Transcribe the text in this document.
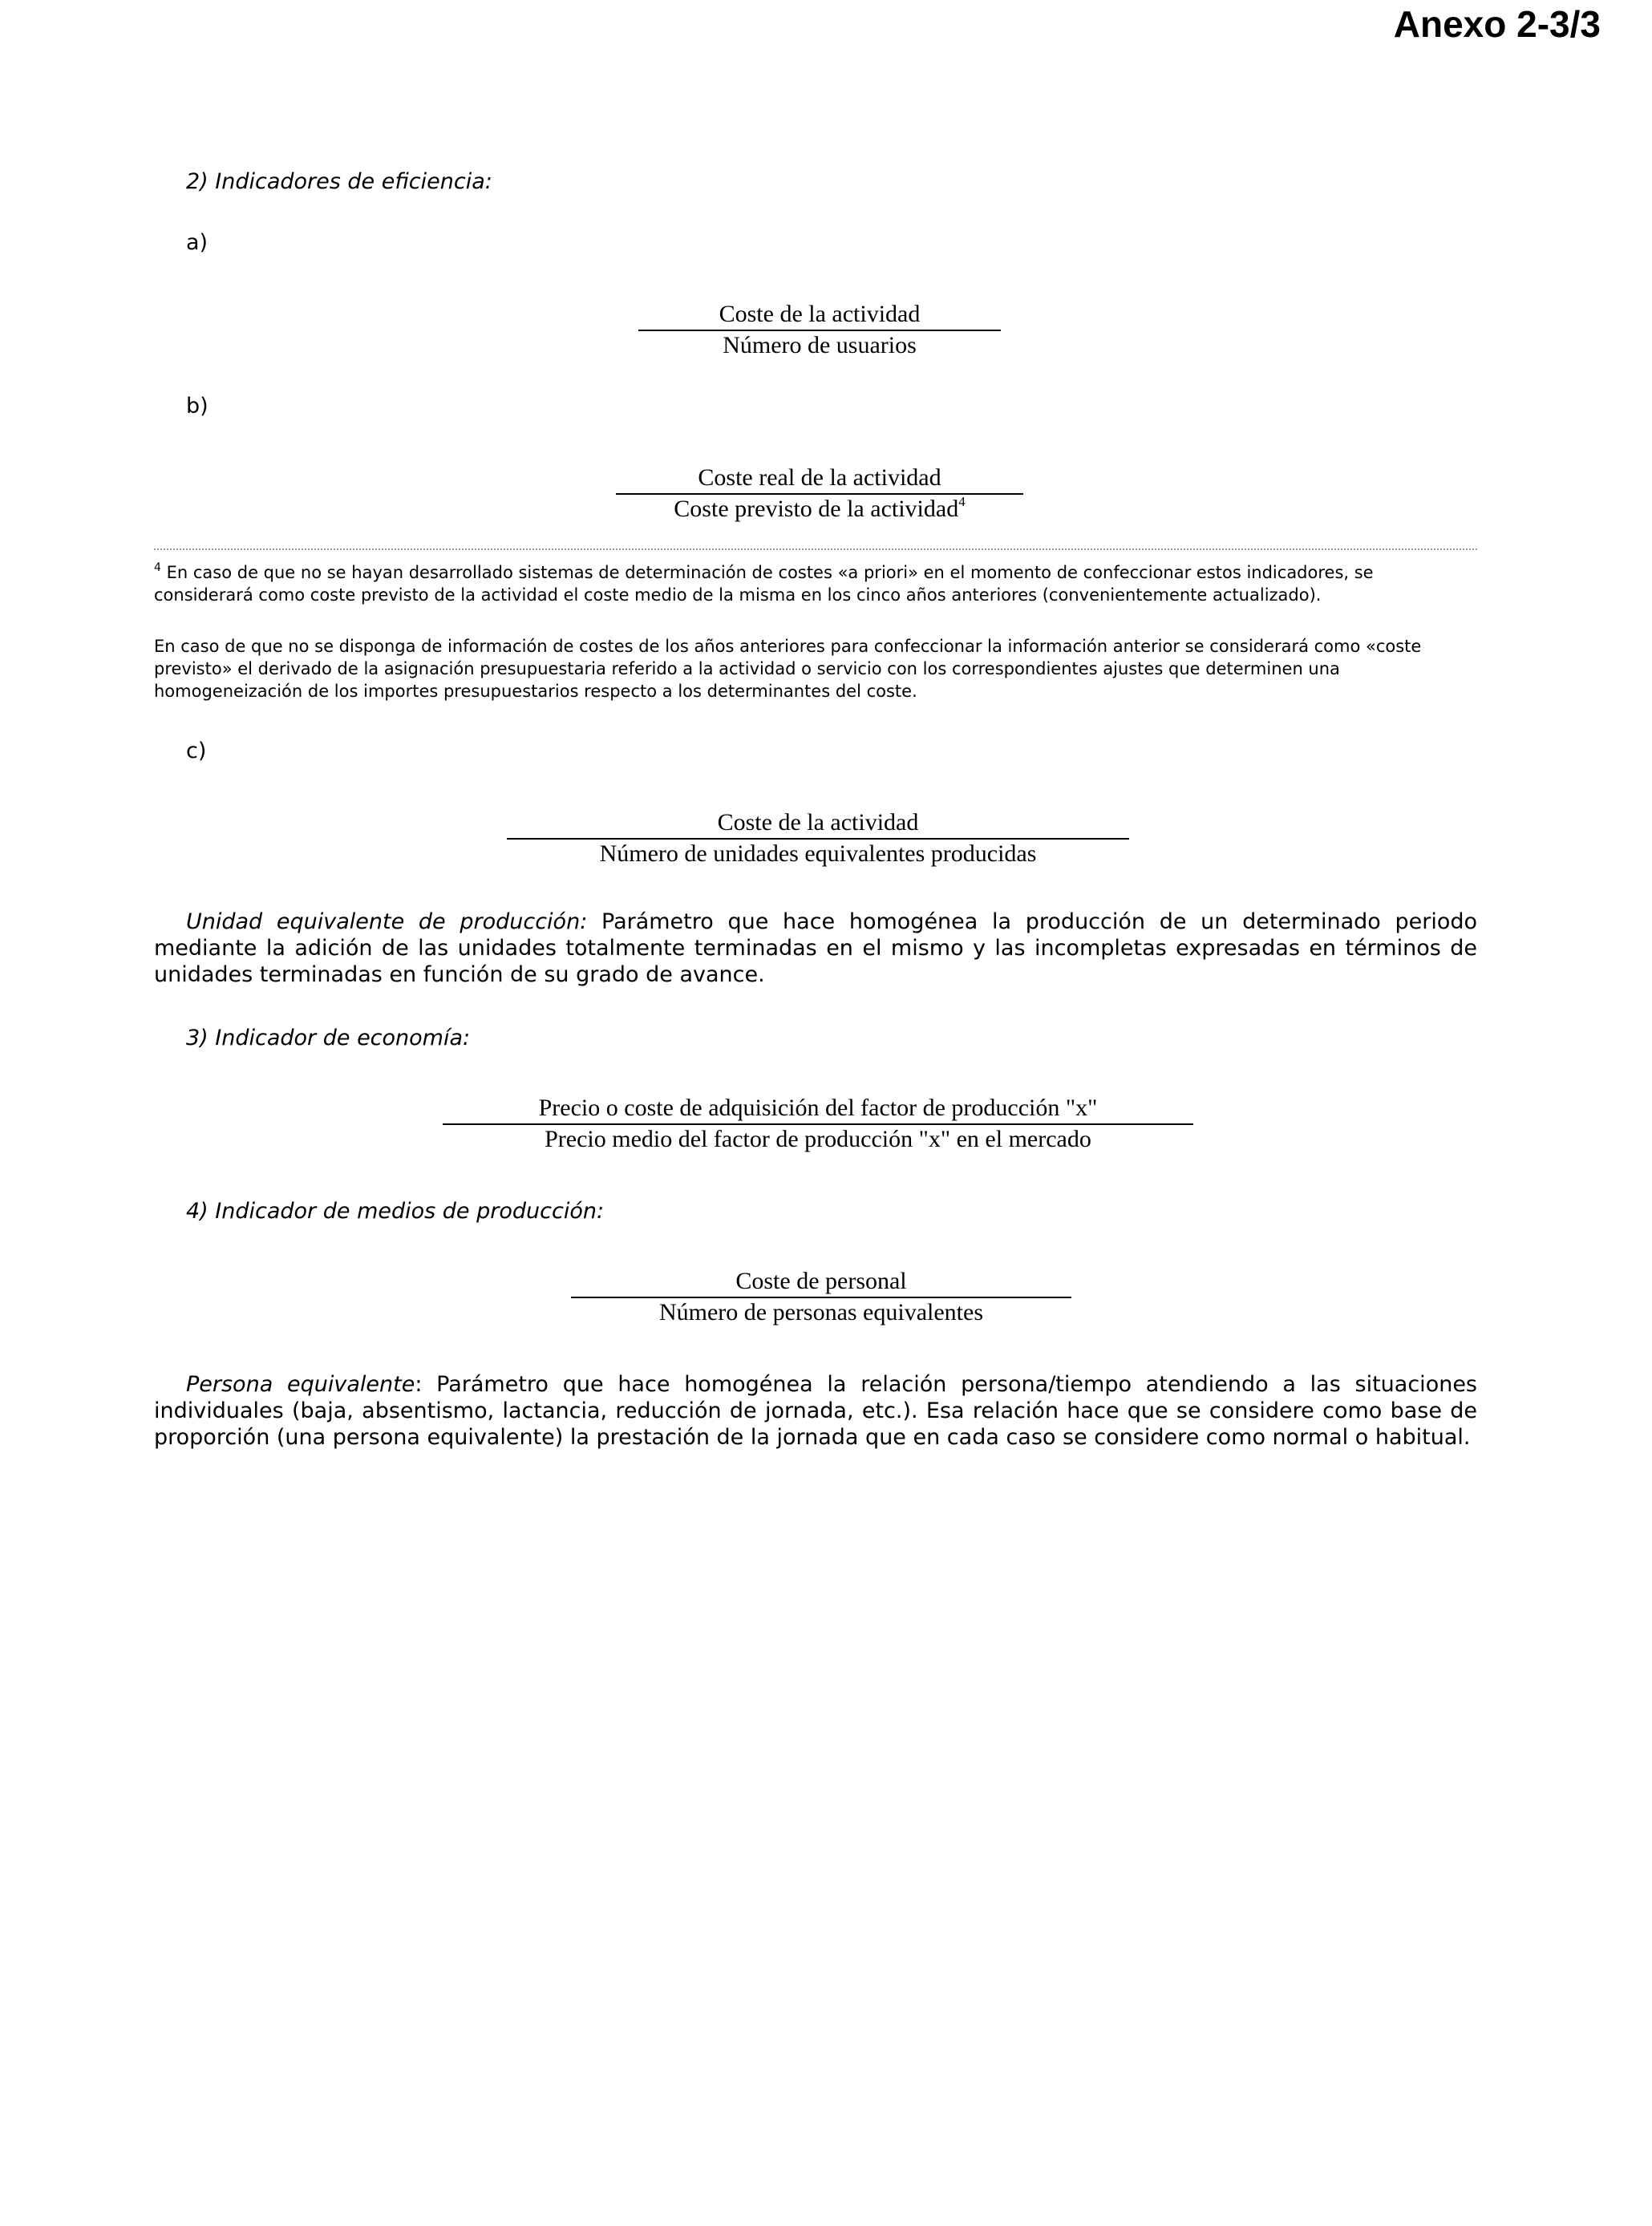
Anexo 2-3/3

2) Indicadores de eficiencia:

a)

Coste de la actividad
Número de usuarios

b)

Coste real de la actividad
Coste previsto de la actividad$^4$

$^4$ En caso de que no se hayan desarrollado sistemas de determinación de costes «a priori» en el momento de confeccionar estos indicadores, se considerará como coste previsto de la actividad el coste medio de la misma en los cinco años anteriores (convenientemente actualizado).

En caso de que no se disponga de información de costes de los años anteriores para confeccionar la información anterior se considerará como «coste previsto» el derivado de la asignación presupuestaria referido a la actividad o servicio con los correspondientes ajustes que determinen una homogeneización de los importes presupuestarios respecto a los determinantes del coste.

c)

Coste de la actividad
Número de unidades equivalentes producidas

Unidad equivalente de producción: Parámetro que hace homogénea la producción de un determinado periodo mediante la adición de las unidades totalmente terminadas en el mismo y las incompletas expresadas en términos de unidades terminadas en función de su grado de avance.

3) Indicador de economía:

Precio o coste de adquisición del factor de producción "x"
Precio medio del factor de producción "x" en el mercado

4) Indicador de medios de producción:

Coste de personal
Número de personas equivalentes

Persona equivalente: Parámetro que hace homogénea la relación persona/tiempo atendiendo a las situaciones individuales (baja, absentismo, lactancia, reducción de jornada, etc.). Esa relación hace que se considere como base de proporción (una persona equivalente) la prestación de la jornada que en cada caso se considere como normal o habitual.
